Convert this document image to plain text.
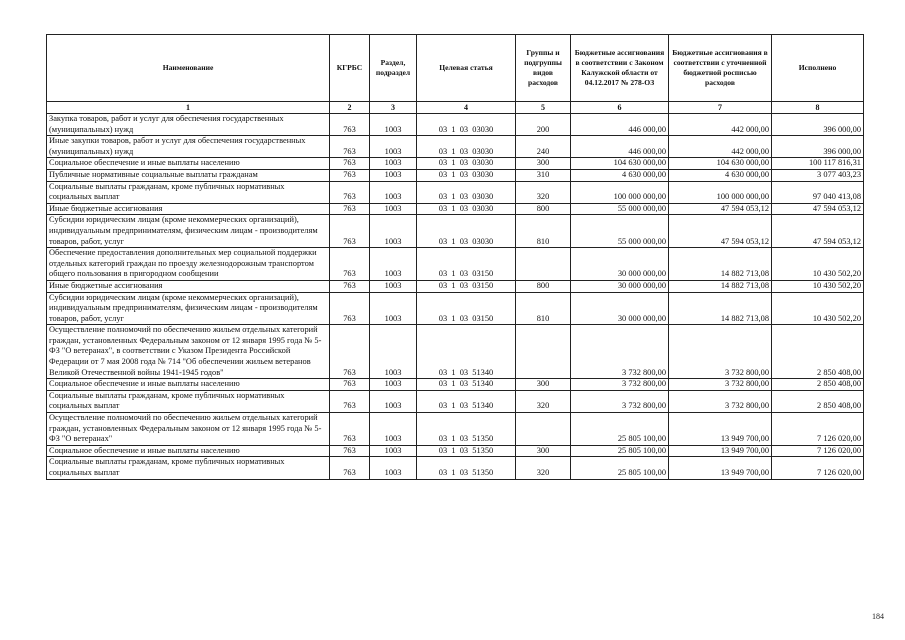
Наименование	КГРБС	Раздел, подраздел	Целевая статья	Группы и подгруппы видов расходов	Бюджетные ассигнования в соответствии с Законом Калужской области от 04.12.2017 № 278-ОЗ	Бюджетные ассигнования в соответствии с уточненной бюджетной росписью расходов	Исполнено
1	2	3	4	5	6	7	8
Закупка товаров, работ и услуг для обеспечения государственных (муниципальных) нужд	763	1003	03  1  03  03030	200	446 000,00	442 000,00	396 000,00
Иные закупки товаров, работ и услуг для обеспечения государственных (муниципальных) нужд	763	1003	03  1  03  03030	240	446 000,00	442 000,00	396 000,00
Социальное обеспечение и иные выплаты населению	763	1003	03  1  03  03030	300	104 630 000,00	104 630 000,00	100 117 816,31
Публичные нормативные социальные выплаты гражданам	763	1003	03  1  03  03030	310	4 630 000,00	4 630 000,00	3 077 403,23
Социальные выплаты гражданам, кроме публичных нормативных социальных выплат	763	1003	03  1  03  03030	320	100 000 000,00	100 000 000,00	97 040 413,08
Иные бюджетные ассигнования	763	1003	03  1  03  03030	800	55 000 000,00	47 594 053,12	47 594 053,12
Субсидии юридическим лицам (кроме некоммерческих организаций), индивидуальным предпринимателям, физическим лицам - производителям товаров, работ, услуг	763	1003	03  1  03  03030	810	55 000 000,00	47 594 053,12	47 594 053,12
Обеспечение предоставления дополнительных мер социальной поддержки отдельных категорий граждан по проезду железнодорожным транспортом общего пользования в пригородном сообщении	763	1003	03  1  03  03150		30 000 000,00	14 882 713,08	10 430 502,20
Иные бюджетные ассигнования	763	1003	03  1  03  03150	800	30 000 000,00	14 882 713,08	10 430 502,20
Субсидии юридическим лицам (кроме некоммерческих организаций), индивидуальным предпринимателям, физическим лицам - производителям товаров, работ, услуг	763	1003	03  1  03  03150	810	30 000 000,00	14 882 713,08	10 430 502,20
Осуществление полномочий по обеспечению жильем отдельных категорий граждан, установленных Федеральным законом от 12 января 1995 года № 5-ФЗ "О ветеранах", в соответствии с Указом Президента Российской Федерации от 7 мая 2008 года № 714 "Об обеспечении жильем ветеранов Великой Отечественной войны 1941-1945 годов"	763	1003	03  1  03  51340		3 732 800,00	3 732 800,00	2 850 408,00
Социальное обеспечение и иные выплаты населению	763	1003	03  1  03  51340	300	3 732 800,00	3 732 800,00	2 850 408,00
Социальные выплаты гражданам, кроме публичных нормативных социальных выплат	763	1003	03  1  03  51340	320	3 732 800,00	3 732 800,00	2 850 408,00
Осуществление полномочий по обеспечению жильем отдельных категорий граждан, установленных Федеральным законом от 12 января 1995 года № 5-ФЗ "О ветеранах"	763	1003	03  1  03  51350		25 805 100,00	13 949 700,00	7 126 020,00
Социальное обеспечение и иные выплаты населению	763	1003	03  1  03  51350	300	25 805 100,00	13 949 700,00	7 126 020,00
Социальные выплаты гражданам, кроме публичных нормативных социальных выплат	763	1003	03  1  03  51350	320	25 805 100,00	13 949 700,00	7 126 020,00
184
